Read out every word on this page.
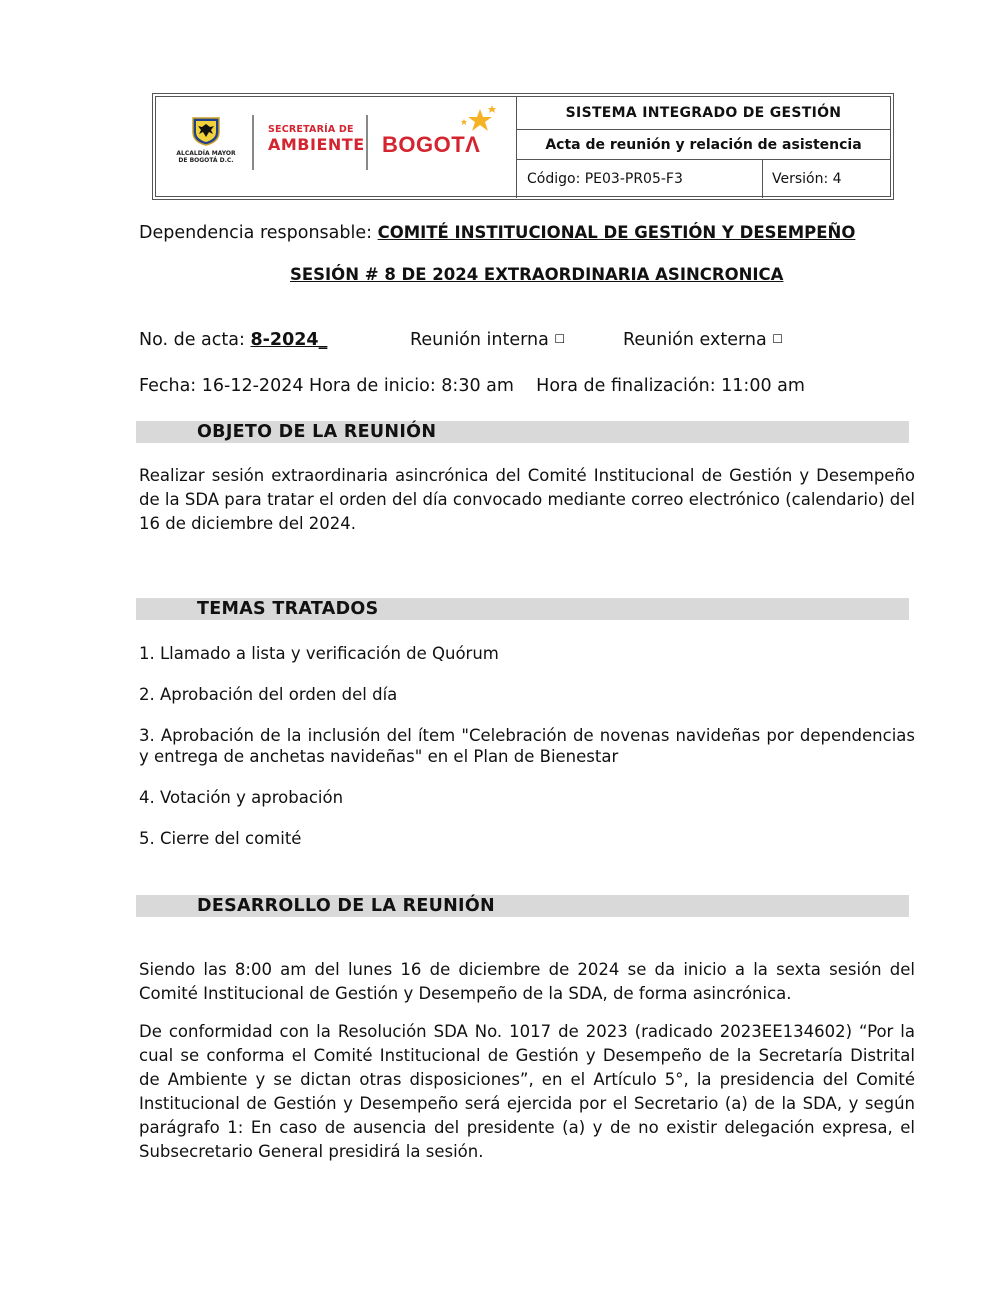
ALCALDÍA MAYOR
DE BOGOTÁ D.C.
SECRETARÍA DE
AMBIENTE BOGOTΛ
SISTEMA INTEGRADO DE GESTIÓN
Acta de reunión y relación de asistencia
Código: PE03-PR05-F3	Versión: 4
Dependencia responsable: COMITÉ INSTITUCIONAL DE GESTIÓN Y DESEMPEÑO
SESIÓN # 8 DE 2024 EXTRAORDINARIA ASINCRONICA
No. de acta: 8-2024_	Reunión interna ☐	Reunión externa ☐
Fecha: 16-12-2024 Hora de inicio: 8:30 am    Hora de finalización: 11:00 am
OBJETO DE LA REUNIÓN
Realizar sesión extraordinaria asincrónica del Comité Institucional de Gestión y Desempeño de la SDA para tratar el orden del día convocado mediante correo electrónico (calendario) del 16 de diciembre del 2024.
TEMAS TRATADOS
1. Llamado a lista y verificación de Quórum
2. Aprobación del orden del día
3. Aprobación de la inclusión del ítem "Celebración de novenas navideñas por dependencias y entrega de anchetas navideñas" en el Plan de Bienestar
4. Votación y aprobación
5. Cierre del comité
DESARROLLO DE LA REUNIÓN
Siendo las 8:00 am del lunes 16 de diciembre de 2024 se da inicio a la sexta sesión del Comité Institucional de Gestión y Desempeño de la SDA, de forma asincrónica.
De conformidad con la Resolución SDA No. 1017 de 2023 (radicado 2023EE134602) “Por la cual se conforma el Comité Institucional de Gestión y Desempeño de la Secretaría Distrital de Ambiente y se dictan otras disposiciones”, en el Artículo 5°, la presidencia del Comité Institucional de Gestión y Desempeño será ejercida por el Secretario (a) de la SDA, y según parágrafo 1: En caso de ausencia del presidente (a) y de no existir delegación expresa, el Subsecretario General presidirá la sesión.
